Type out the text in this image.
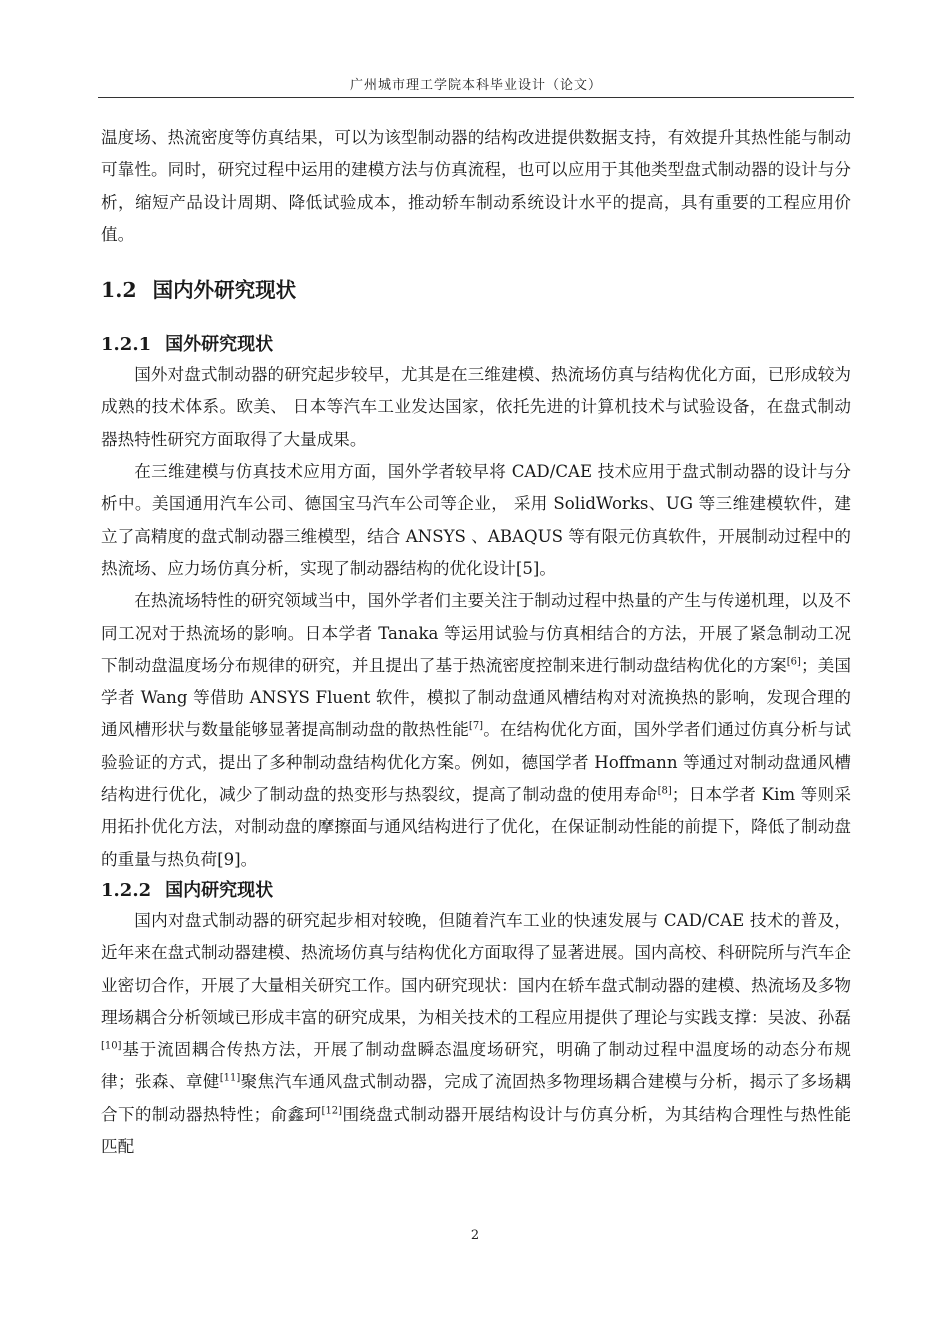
广州城市理工学院本科毕业设计（论文）

温度场、热流密度等仿真结果，可以为该型制动器的结构改进提供数据支持，有效提升其热性能与制动可靠性。同时，研究过程中运用的建模方法与仿真流程，也可以应用于其他类型盘式制动器的设计与分析，缩短产品设计周期、降低试验成本，推动轿车制动系统设计水平的提高，具有重要的工程应用价值。

1.2 国内外研究现状
1.2.1 国外研究现状

国外对盘式制动器的研究起步较早，尤其是在三维建模、热流场仿真与结构优化方面，已形成较为成熟的技术体系。欧美、 日本等汽车工业发达国家，依托先进的计算机技术与试验设备，在盘式制动器热特性研究方面取得了大量成果。

在三维建模与仿真技术应用方面，国外学者较早将 CAD/CAE 技术应用于盘式制动器的设计与分析中。美国通用汽车公司、德国宝马汽车公司等企业， 采用 SolidWorks、UG 等三维建模软件，建立了高精度的盘式制动器三维模型，结合 ANSYS 、ABAQUS 等有限元仿真软件，开展制动过程中的热流场、应力场仿真分析，实现了制动器结构的优化设计[5]。

在热流场特性的研究领域当中，国外学者们主要关注于制动过程中热量的产生与传递机理，以及不同工况对于热流场的影响。日本学者 Tanaka 等运用试验与仿真相结合的方法，开展了紧急制动工况下制动盘温度场分布规律的研究，并且提出了基于热流密度控制来进行制动盘结构优化的方案[6]；美国学者 Wang 等借助 ANSYS Fluent 软件，模拟了制动盘通风槽结构对对流换热的影响，发现合理的通风槽形状与数量能够显著提高制动盘的散热性能[7]。在结构优化方面，国外学者们通过仿真分析与试验验证的方式，提出了多种制动盘结构优化方案。例如，德国学者 Hoffmann 等通过对制动盘通风槽结构进行优化，减少了制动盘的热变形与热裂纹，提高了制动盘的使用寿命[8]；日本学者 Kim 等则采用拓扑优化方法，对制动盘的摩擦面与通风结构进行了优化，在保证制动性能的前提下，降低了制动盘的重量与热负荷[9]。

1.2.2 国内研究现状

国内对盘式制动器的研究起步相对较晚，但随着汽车工业的快速发展与 CAD/CAE 技术的普及，近年来在盘式制动器建模、热流场仿真与结构优化方面取得了显著进展。国内高校、科研院所与汽车企业密切合作，开展了大量相关研究工作。国内研究现状：国内在轿车盘式制动器的建模、热流场及多物理场耦合分析领域已形成丰富的研究成果，为相关技术的工程应用提供了理论与实践支撑：吴波、孙磊[10]基于流固耦合传热方法，开展了制动盘瞬态温度场研究，明确了制动过程中温度场的动态分布规律；张森、章健[11]聚焦汽车通风盘式制动器，完成了流固热多物理场耦合建模与分析，揭示了多场耦合下的制动器热特性；俞鑫珂[12]围绕盘式制动器开展结构设计与仿真分析，为其结构合理性与热性能匹配

2
